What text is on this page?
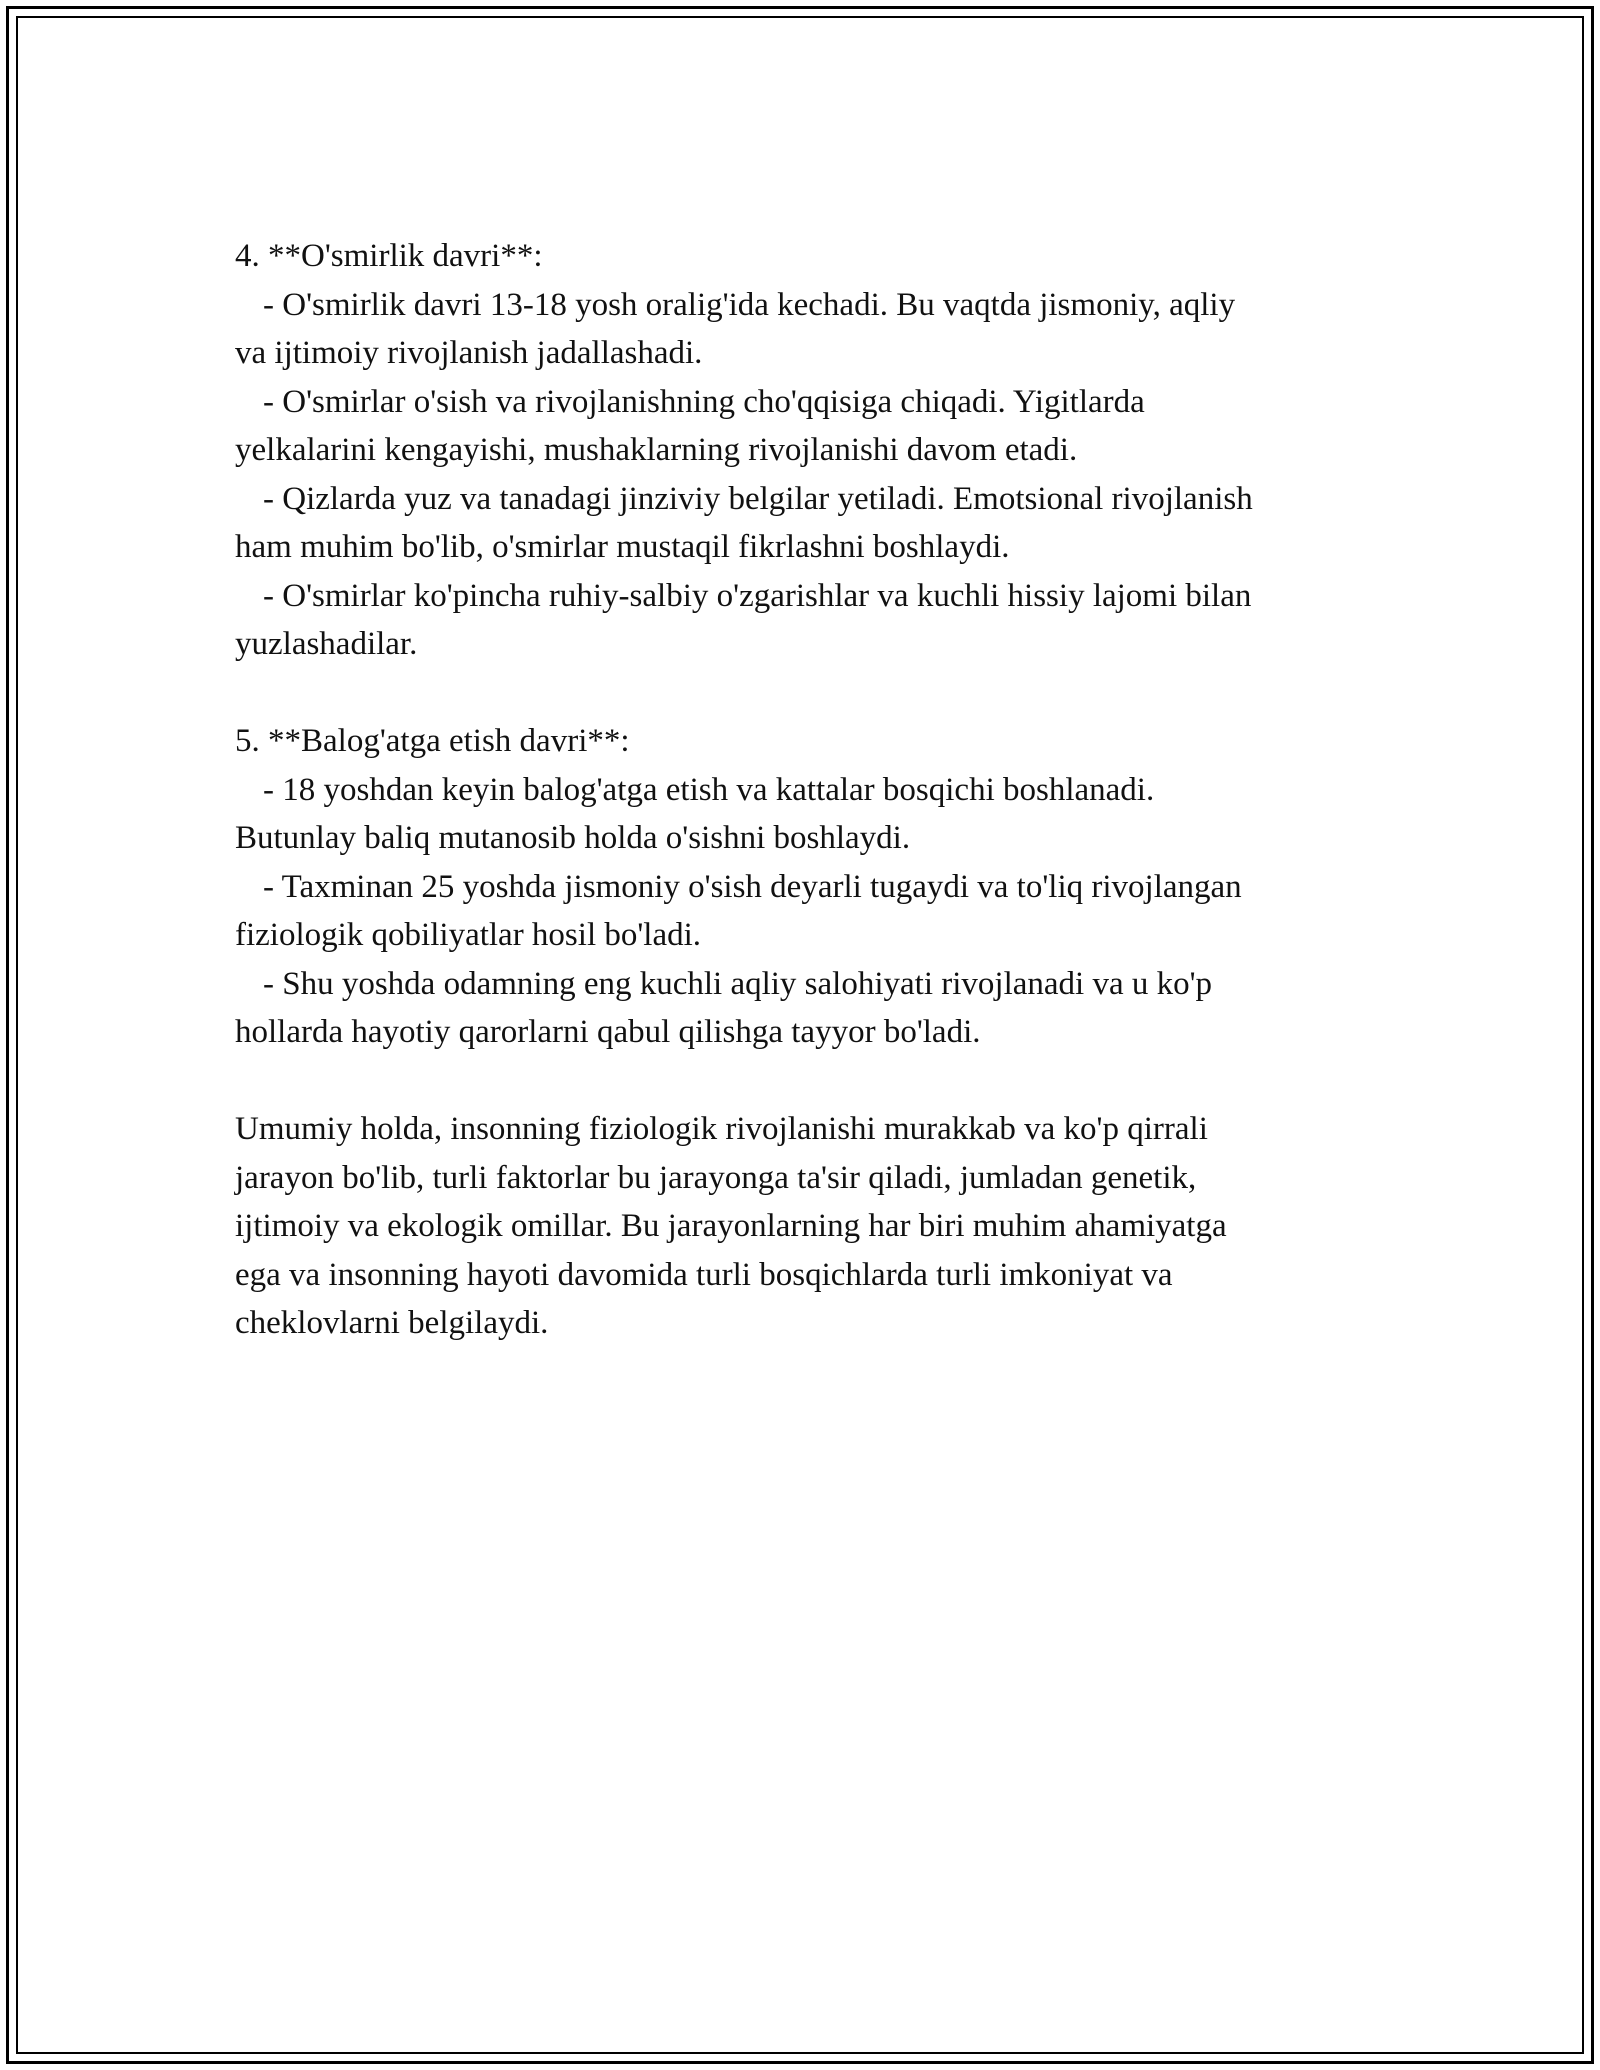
4. **O'smirlik davri**:

- O'smirlik davri 13-18 yosh oralig'ida kechadi. Bu vaqtda jismoniy, aqliy

va ijtimoiy rivojlanish jadallashadi.

- O'smirlar o'sish va rivojlanishning cho'qqisiga chiqadi. Yigitlarda

yelkalarini kengayishi, mushaklarning rivojlanishi davom etadi.

- Qizlarda yuz va tanadagi jinziviy belgilar yetiladi. Emotsional rivojlanish

ham muhim bo'lib, o'smirlar mustaqil fikrlashni boshlaydi.

- O'smirlar ko'pincha ruhiy-salbiy o'zgarishlar va kuchli hissiy lajomi bilan

yuzlashadilar.

5. **Balog'atga etish davri**:

- 18 yoshdan keyin balog'atga etish va kattalar bosqichi boshlanadi.

Butunlay baliq mutanosib holda o'sishni boshlaydi.

- Taxminan 25 yoshda jismoniy o'sish deyarli tugaydi va to'liq rivojlangan

fiziologik qobiliyatlar hosil bo'ladi.

- Shu yoshda odamning eng kuchli aqliy salohiyati rivojlanadi va u ko'p

hollarda hayotiy qarorlarni qabul qilishga tayyor bo'ladi.

Umumiy holda, insonning fiziologik rivojlanishi murakkab va ko'p qirrali

jarayon bo'lib, turli faktorlar bu jarayonga ta'sir qiladi, jumladan genetik,

ijtimoiy va ekologik omillar. Bu jarayonlarning har biri muhim ahamiyatga

ega va insonning hayoti davomida turli bosqichlarda turli imkoniyat va

cheklovlarni belgilaydi.
